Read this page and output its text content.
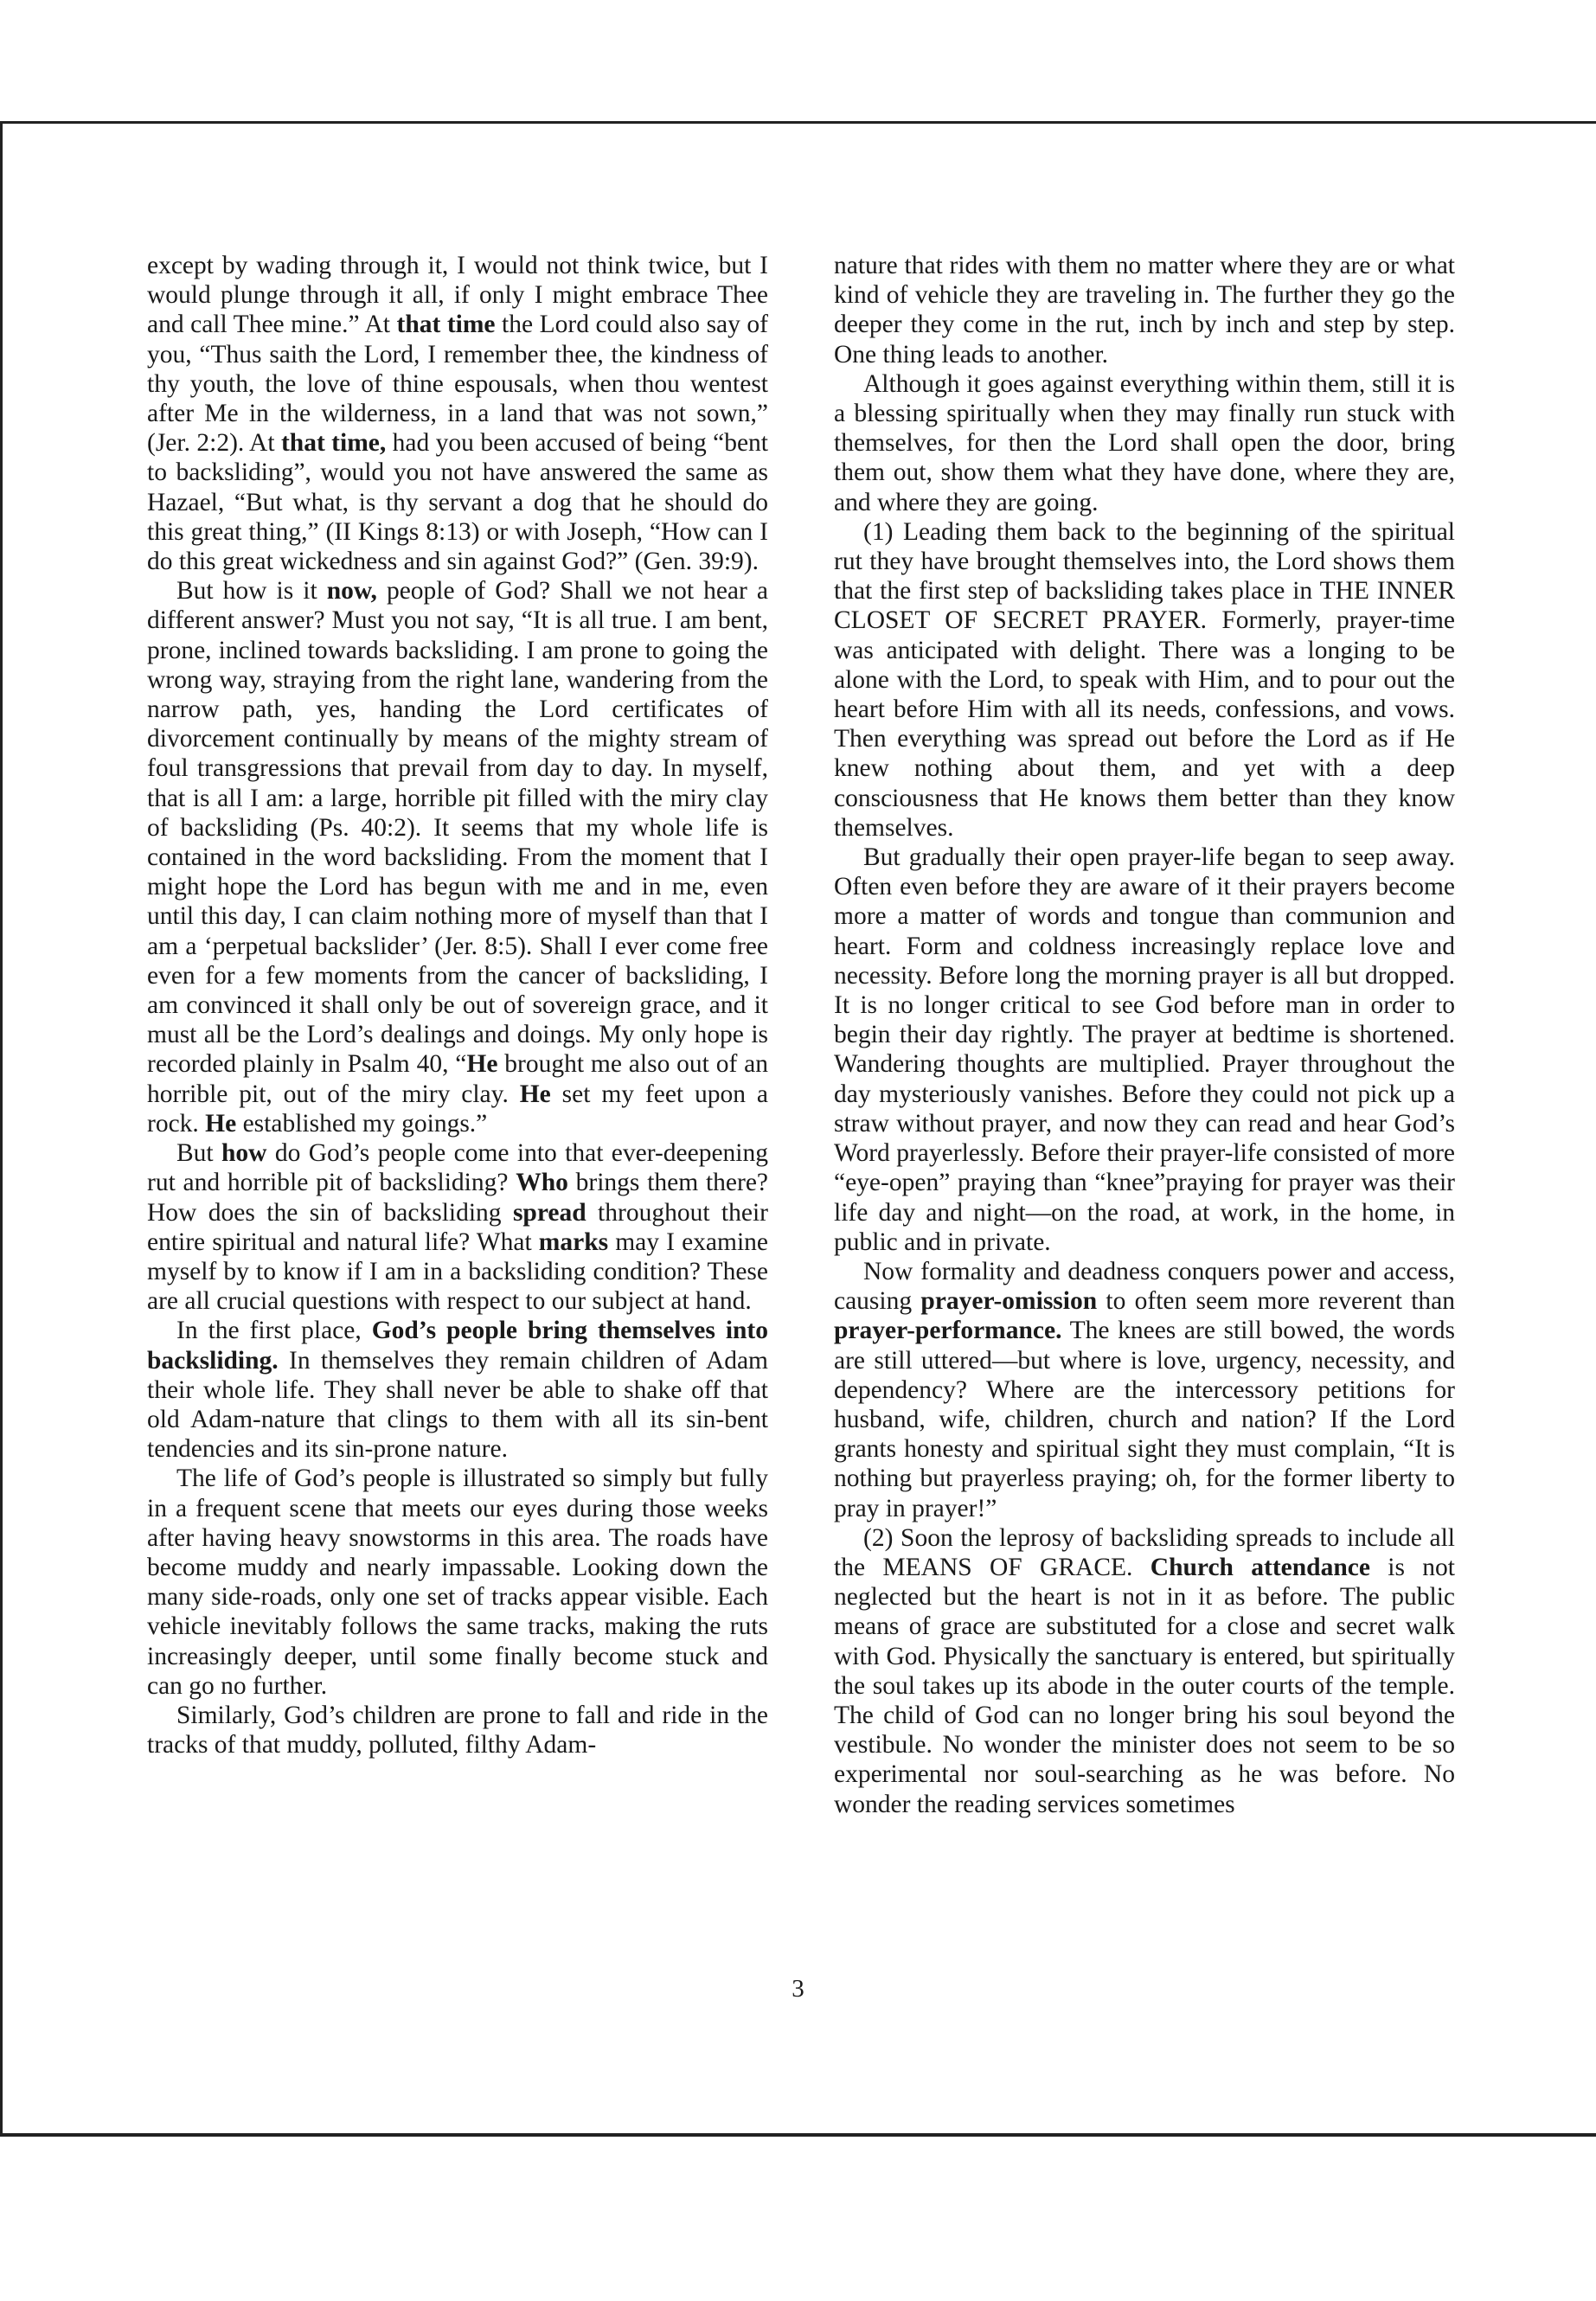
except by wading through it, I would not think twice, but I would plunge through it all, if only I might embrace Thee and call Thee mine.” At that time the Lord could also say of you, “Thus saith the Lord, I remember thee, the kindness of thy youth, the love of thine espousals, when thou wentest after Me in the wilderness, in a land that was not sown,” (Jer. 2:2). At that time, had you been accused of being “bent to backsliding”, would you not have answered the same as Hazael, “But what, is thy servant a dog that he should do this great thing,” (II Kings 8:13) or with Joseph, “How can I do this great wickedness and sin against God?” (Gen. 39:9).

But how is it now, people of God? Shall we not hear a different answer? Must you not say, “It is all true. I am bent, prone, inclined towards backsliding. I am prone to going the wrong way, straying from the right lane, wandering from the narrow path, yes, handing the Lord certificates of divorcement continually by means of the mighty stream of foul transgressions that prevail from day to day. In myself, that is all I am: a large, horrible pit filled with the miry clay of backsliding (Ps. 40:2). It seems that my whole life is contained in the word backsliding. From the moment that I might hope the Lord has begun with me and in me, even until this day, I can claim nothing more of myself than that I am a ‘perpetual backslider’ (Jer. 8:5). Shall I ever come free even for a few moments from the cancer of backsliding, I am convinced it shall only be out of sovereign grace, and it must all be the Lord’s dealings and doings. My only hope is recorded plainly in Psalm 40, “He brought me also out of an horrible pit, out of the miry clay. He set my feet upon a rock. He established my goings.”

But how do God’s people come into that ever-deepening rut and horrible pit of backsliding? Who brings them there? How does the sin of backsliding spread throughout their entire spiritual and natural life? What marks may I examine myself by to know if I am in a backsliding condition? These are all crucial questions with respect to our subject at hand.

In the first place, God’s people bring themselves into backsliding. In themselves they remain children of Adam their whole life. They shall never be able to shake off that old Adam-nature that clings to them with all its sin-bent tendencies and its sin-prone nature.

The life of God’s people is illustrated so simply but fully in a frequent scene that meets our eyes during those weeks after having heavy snowstorms in this area. The roads have become muddy and nearly impassable. Looking down the many side-roads, only one set of tracks appear visible. Each vehicle inevitably follows the same tracks, making the ruts increasingly deeper, until some finally become stuck and can go no further.

Similarly, God’s children are prone to fall and ride in the tracks of that muddy, polluted, filthy Adam-

nature that rides with them no matter where they are or what kind of vehicle they are traveling in. The further they go the deeper they come in the rut, inch by inch and step by step. One thing leads to another.

Although it goes against everything within them, still it is a blessing spiritually when they may finally run stuck with themselves, for then the Lord shall open the door, bring them out, show them what they have done, where they are, and where they are going.

(1) Leading them back to the beginning of the spiritual rut they have brought themselves into, the Lord shows them that the first step of backsliding takes place in THE INNER CLOSET OF SECRET PRAYER. Formerly, prayer-time was anticipated with delight. There was a longing to be alone with the Lord, to speak with Him, and to pour out the heart before Him with all its needs, confessions, and vows. Then everything was spread out before the Lord as if He knew nothing about them, and yet with a deep consciousness that He knows them better than they know themselves.

But gradually their open prayer-life began to seep away. Often even before they are aware of it their prayers become more a matter of words and tongue than communion and heart. Form and coldness increasingly replace love and necessity. Before long the morning prayer is all but dropped. It is no longer critical to see God before man in order to begin their day rightly. The prayer at bedtime is shortened. Wandering thoughts are multiplied. Prayer throughout the day mysteriously vanishes. Before they could not pick up a straw without prayer, and now they can read and hear God’s Word prayerlessly. Before their prayer-life consisted of more “eye-open” praying than “knee”praying for prayer was their life day and night—on the road, at work, in the home, in public and in private.

Now formality and deadness conquers power and access, causing prayer-omission to often seem more reverent than prayer-performance. The knees are still bowed, the words are still uttered—but where is love, urgency, necessity, and dependency? Where are the intercessory petitions for husband, wife, children, church and nation? If the Lord grants honesty and spiritual sight they must complain, “It is nothing but prayerless praying; oh, for the former liberty to pray in prayer!”

(2) Soon the leprosy of backsliding spreads to include all the MEANS OF GRACE. Church attendance is not neglected but the heart is not in it as before. The public means of grace are substituted for a close and secret walk with God. Physically the sanctuary is entered, but spiritually the soul takes up its abode in the outer courts of the temple. The child of God can no longer bring his soul beyond the vestibule. No wonder the minister does not seem to be so experimental nor soul-searching as he was before. No wonder the reading services sometimes

3
